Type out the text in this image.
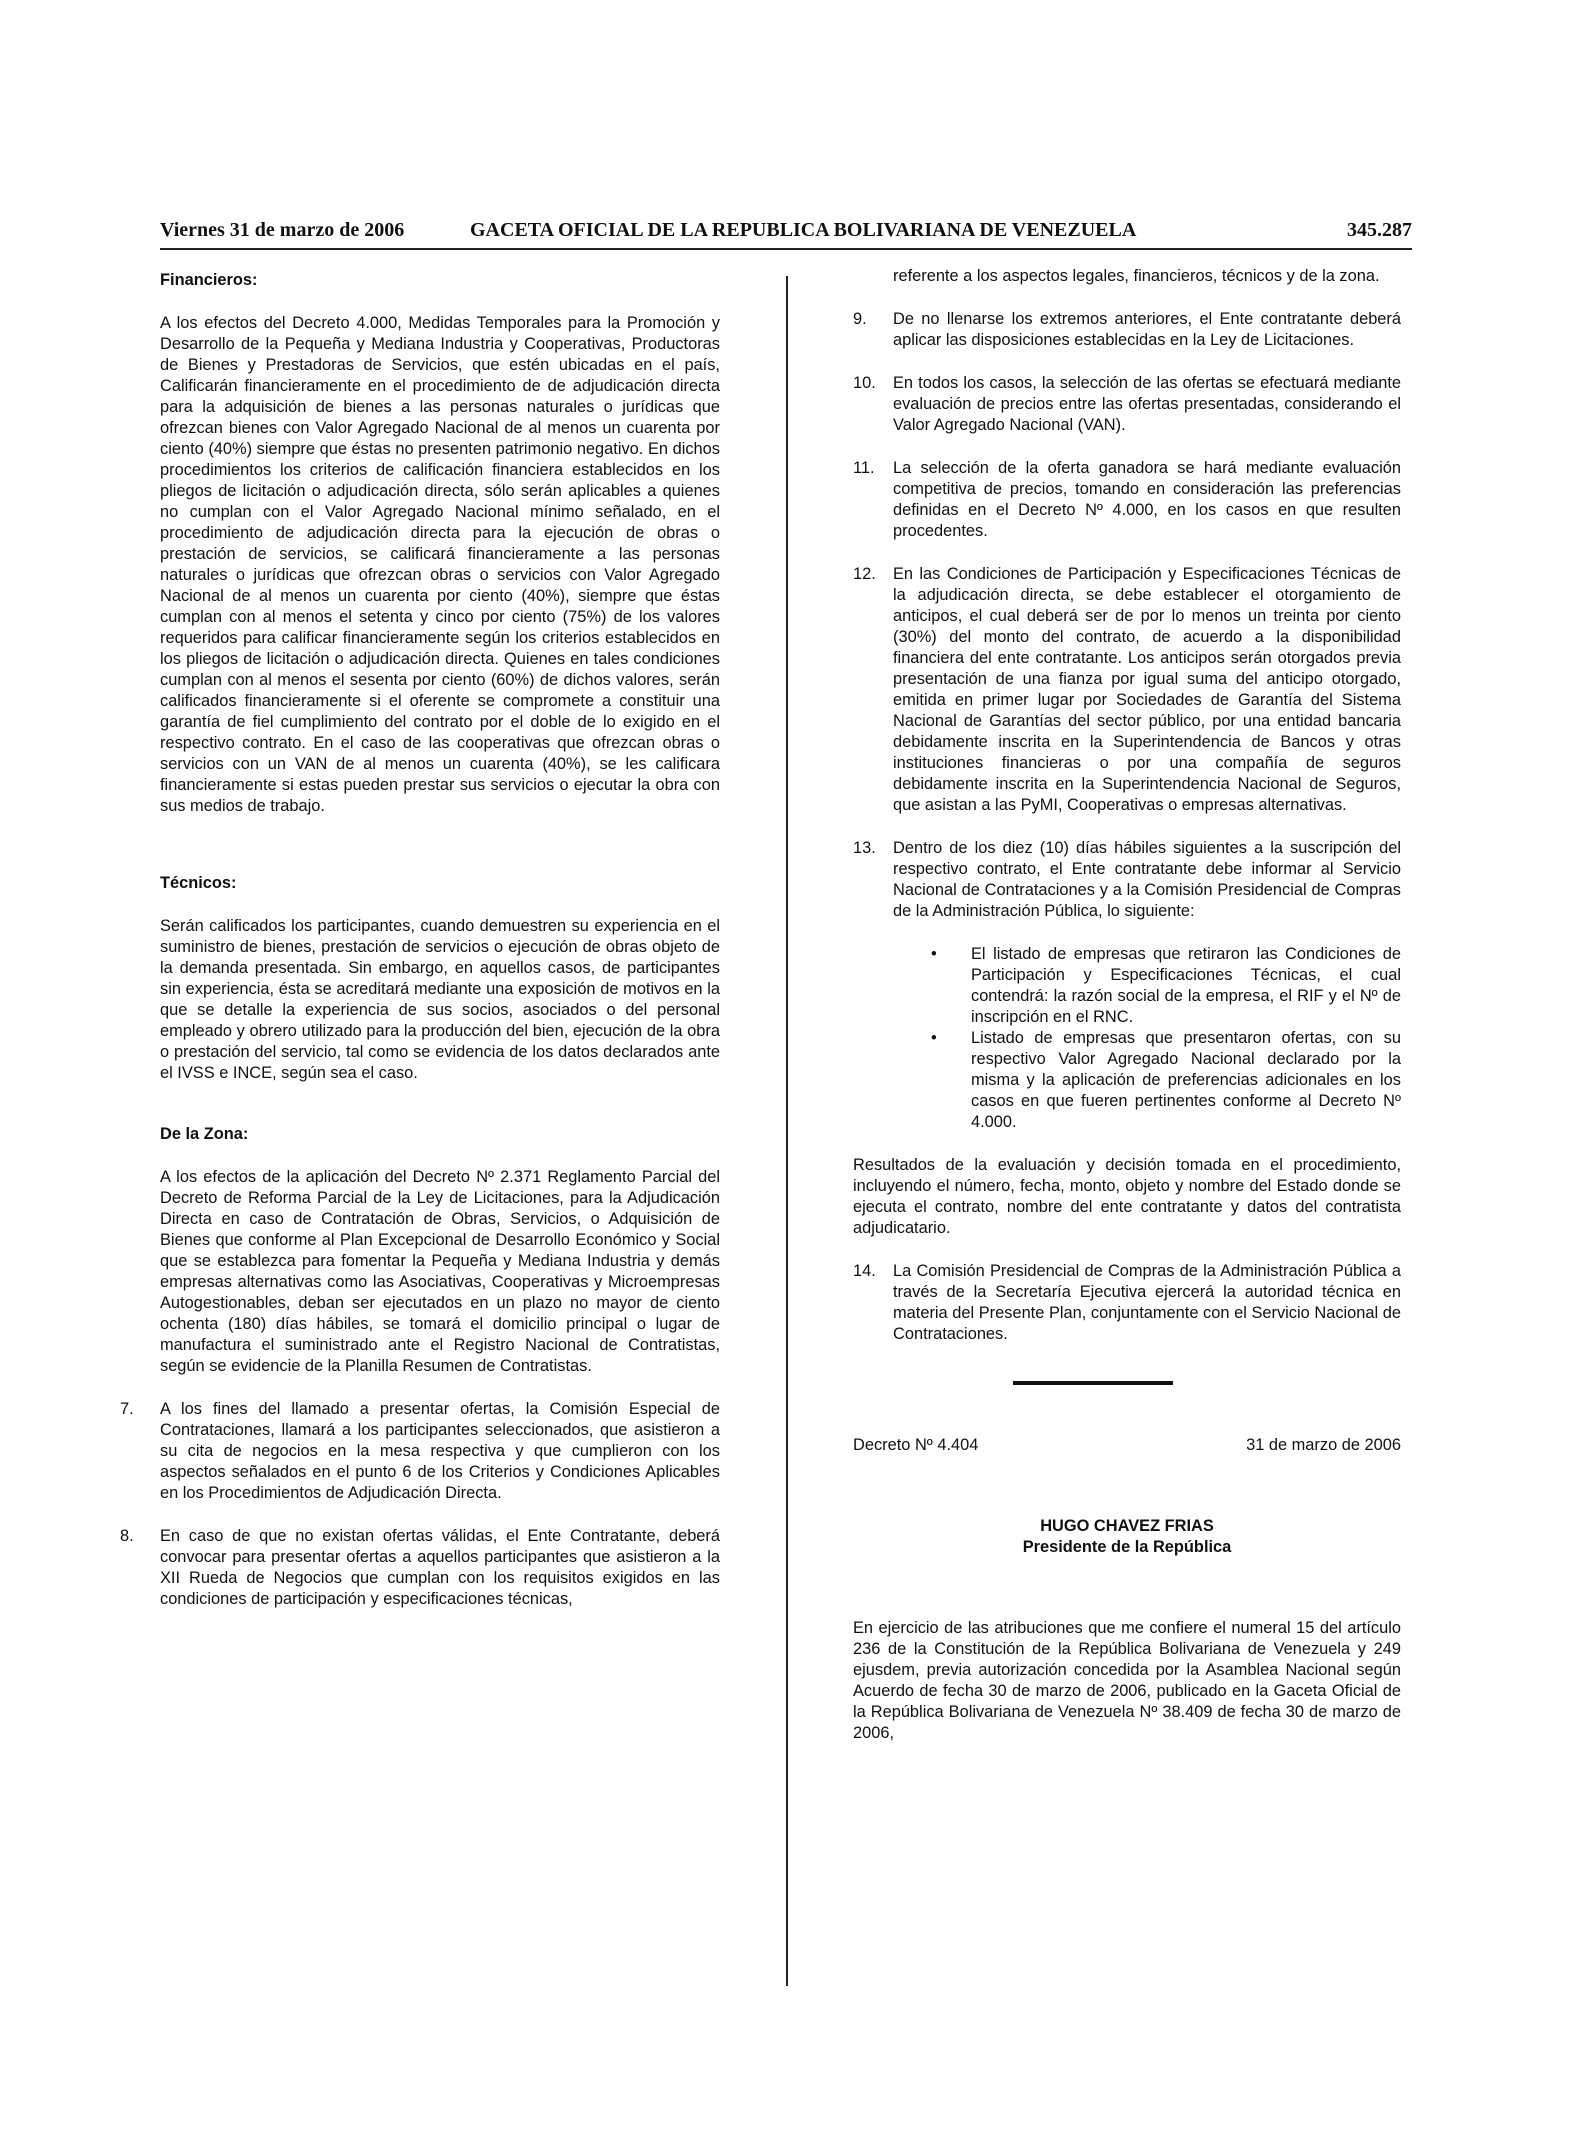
Viernes 31 de marzo de 2006	GACETA OFICIAL DE LA REPUBLICA BOLIVARIANA DE VENEZUELA	345.287

Financieros:

A los efectos del Decreto 4.000, Medidas Temporales para la Promoción y Desarrollo de la Pequeña y Mediana Industria y Cooperativas, Productoras de Bienes y Prestadoras de Servicios, que estén ubicadas en el país, Calificarán financieramente en el procedimiento de de adjudicación directa para la adquisición de bienes a las personas naturales o jurídicas que ofrezcan bienes con Valor Agregado Nacional de al menos un cuarenta por ciento (40%) siempre que éstas no presenten patrimonio negativo. En dichos procedimientos los criterios de calificación financiera establecidos en los pliegos de licitación o adjudicación directa, sólo serán aplicables a quienes no cumplan con el Valor Agregado Nacional mínimo señalado, en el procedimiento de adjudicación directa para la ejecución de obras o prestación de servicios, se calificará financieramente a las personas naturales o jurídicas que ofrezcan obras o servicios con Valor Agregado Nacional de al menos un cuarenta por ciento (40%), siempre que éstas cumplan con al menos el setenta y cinco por ciento (75%) de los valores requeridos para calificar financieramente según los criterios establecidos en los pliegos de licitación o adjudicación directa. Quienes en tales condiciones cumplan con al menos el sesenta por ciento (60%) de dichos valores, serán calificados financieramente si el oferente se compromete a constituir una garantía de fiel cumplimiento del contrato por el doble de lo exigido en el respectivo contrato. En el caso de las cooperativas que ofrezcan obras o servicios con un VAN de al menos un cuarenta (40%), se les calificara financieramente si estas pueden prestar sus servicios o ejecutar la obra con sus medios de trabajo.

Técnicos:

Serán calificados los participantes, cuando demuestren su experiencia en el suministro de bienes, prestación de servicios o ejecución de obras objeto de la demanda presentada. Sin embargo, en aquellos casos, de participantes sin experiencia, ésta se acreditará mediante una exposición de motivos en la que se detalle la experiencia de sus socios, asociados o del personal empleado y obrero utilizado para la producción del bien, ejecución de la obra o prestación del servicio, tal como se evidencia de los datos declarados ante el IVSS e INCE, según sea el caso.

De la Zona:

A los efectos de la aplicación del Decreto Nº 2.371 Reglamento Parcial del Decreto de Reforma Parcial de la Ley de Licitaciones, para la Adjudicación Directa en caso de Contratación de Obras, Servicios, o Adquisición de Bienes que conforme al Plan Excepcional de Desarrollo Económico y Social que se establezca para fomentar la Pequeña y Mediana Industria y demás empresas alternativas como las Asociativas, Cooperativas y Microempresas Autogestionables, deban ser ejecutados en un plazo no mayor de ciento ochenta (180) días hábiles, se tomará el domicilio principal o lugar de manufactura el suministrado ante el Registro Nacional de Contratistas, según se evidencie de la Planilla Resumen de Contratistas.

7. A los fines del llamado a presentar ofertas, la Comisión Especial de Contrataciones, llamará a los participantes seleccionados, que asistieron a su cita de negocios en la mesa respectiva y que cumplieron con los aspectos señalados en el punto 6 de los Criterios y Condiciones Aplicables en los Procedimientos de Adjudicación Directa.

8. En caso de que no existan ofertas válidas, el Ente Contratante, deberá convocar para presentar ofertas a aquellos participantes que asistieron a la XII Rueda de Negocios que cumplan con los requisitos exigidos en las condiciones de participación y especificaciones técnicas,

referente a los aspectos legales, financieros, técnicos y de la zona.

9. De no llenarse los extremos anteriores, el Ente contratante deberá aplicar las disposiciones establecidas en la Ley de Licitaciones.

10. En todos los casos, la selección de las ofertas se efectuará mediante evaluación de precios entre las ofertas presentadas, considerando el Valor Agregado Nacional (VAN).

11. La selección de la oferta ganadora se hará mediante evaluación competitiva de precios, tomando en consideración las preferencias definidas en el Decreto Nº 4.000, en los casos en que resulten procedentes.

12. En las Condiciones de Participación y Especificaciones Técnicas de la adjudicación directa, se debe establecer el otorgamiento de anticipos, el cual deberá ser de por lo menos un treinta por ciento (30%) del monto del contrato, de acuerdo a la disponibilidad financiera del ente contratante. Los anticipos serán otorgados previa presentación de una fianza por igual suma del anticipo otorgado, emitida en primer lugar por Sociedades de Garantía del Sistema Nacional de Garantías del sector público, por una entidad bancaria debidamente inscrita en la Superintendencia de Bancos y otras instituciones financieras o por una compañía de seguros debidamente inscrita en la Superintendencia Nacional de Seguros, que asistan a las PyMI, Cooperativas o empresas alternativas.

13. Dentro de los diez (10) días hábiles siguientes a la suscripción del respectivo contrato, el Ente contratante debe informar al Servicio Nacional de Contrataciones y a la Comisión Presidencial de Compras de la Administración Pública, lo siguiente:

• El listado de empresas que retiraron las Condiciones de Participación y Especificaciones Técnicas, el cual contendrá: la razón social de la empresa, el RIF y el Nº de inscripción en el RNC.

• Listado de empresas que presentaron ofertas, con su respectivo Valor Agregado Nacional declarado por la misma y la aplicación de preferencias adicionales en los casos en que fueren pertinentes conforme al Decreto Nº 4.000.

Resultados de la evaluación y decisión tomada en el procedimiento, incluyendo el número, fecha, monto, objeto y nombre del Estado donde se ejecuta el contrato, nombre del ente contratante y datos del contratista adjudicatario.

14. La Comisión Presidencial de Compras de la Administración Pública a través de la Secretaría Ejecutiva ejercerá la autoridad técnica en materia del Presente Plan, conjuntamente con el Servicio Nacional de Contrataciones.

Decreto Nº 4.404	31 de marzo de 2006

HUGO CHAVEZ FRIAS

Presidente de la República

En ejercicio de las atribuciones que me confiere el numeral 15 del artículo 236 de la Constitución de la República Bolivariana de Venezuela y 249 ejusdem, previa autorización concedida por la Asamblea Nacional según Acuerdo de fecha 30 de marzo de 2006, publicado en la Gaceta Oficial de la República Bolivariana de Venezuela Nº 38.409 de fecha 30 de marzo de 2006,
